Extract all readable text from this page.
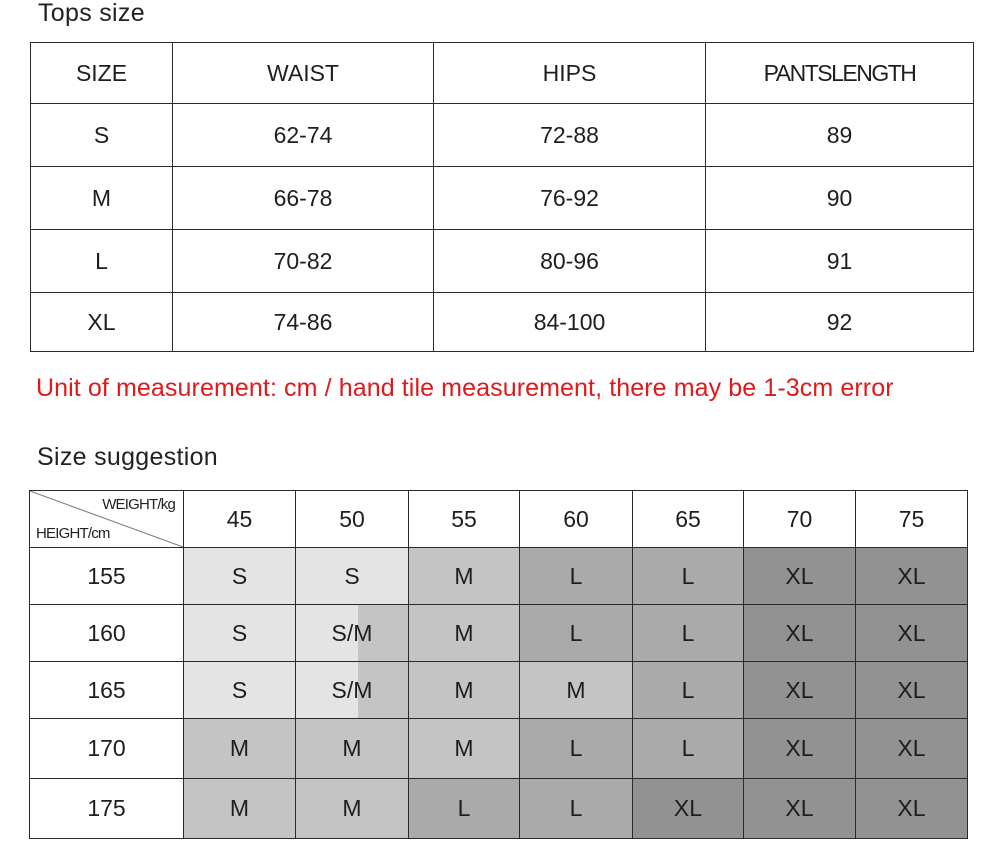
Tops size
SIZE	WAIST	HIPS	PANTSLENGTH
S	62-74	72-88	89
M	66-78	76-92	90
L	70-82	80-96	91
XL	74-86	84-100	92
Unit of measurement: cm / hand tile measurement, there may be 1-3cm error
Size suggestion
WEIGHT/kg
HEIGHT/cm	45	50	55	60	65	70	75
155	S	S	M	L	L	XL	XL
160	S	S/M	M	L	L	XL	XL
165	S	S/M	M	M	L	XL	XL
170	M	M	M	L	L	XL	XL
175	M	M	L	L	XL	XL	XL
